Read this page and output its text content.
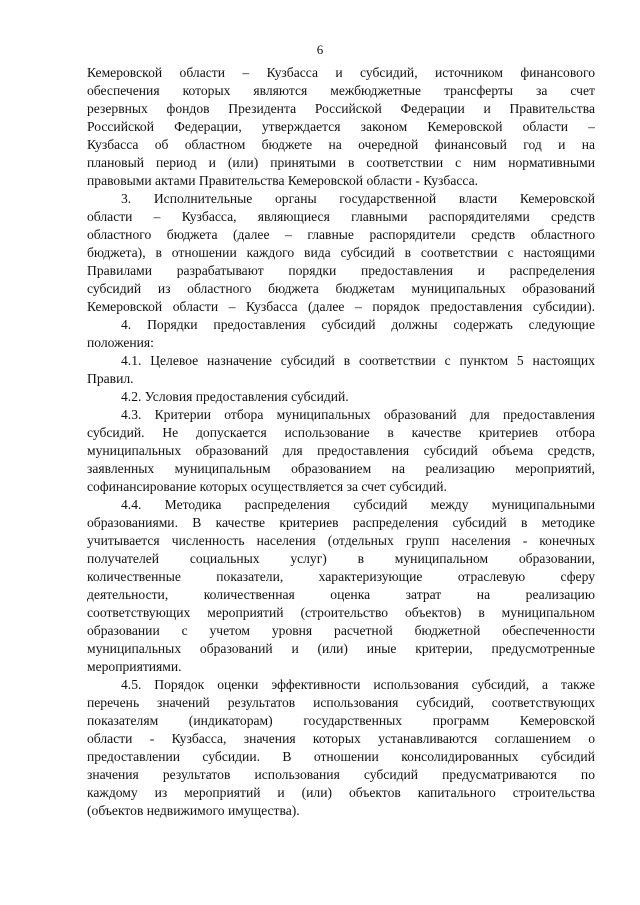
6
Кемеровской области – Кузбасса и субсидий, источником финансового
обеспечения которых являются межбюджетные трансферты за счет
резервных фондов Президента Российской Федерации и Правительства
Российской Федерации, утверждается законом Кемеровской области –
Кузбасса об областном бюджете на очередной финансовый год и на
плановый период и (или) принятыми в соответствии с ним нормативными
правовыми актами Правительства Кемеровской области - Кузбасса.
3. Исполнительные органы государственной власти Кемеровской
области – Кузбасса, являющиеся главными распорядителями средств
областного бюджета (далее – главные распорядители средств областного
бюджета), в отношении каждого вида субсидий в соответствии с настоящими
Правилами разрабатывают порядки предоставления и распределения
субсидий из областного бюджета бюджетам муниципальных образований
Кемеровской области – Кузбасса (далее – порядок предоставления субсидии).
4. Порядки предоставления субсидий должны содержать следующие
положения:
4.1. Целевое назначение субсидий в соответствии с пунктом 5 настоящих
Правил.
4.2. Условия предоставления субсидий.
4.3. Критерии отбора муниципальных образований для предоставления
субсидий. Не допускается использование в качестве критериев отбора
муниципальных образований для предоставления субсидий объема средств,
заявленных муниципальным образованием на реализацию мероприятий,
софинансирование которых осуществляется за счет субсидий.
4.4. Методика распределения субсидий между муниципальными
образованиями. В качестве критериев распределения субсидий в методике
учитывается численность населения (отдельных групп населения - конечных
получателей социальных услуг) в муниципальном образовании,
количественные показатели, характеризующие отраслевую сферу
деятельности, количественная оценка затрат на реализацию
соответствующих мероприятий (строительство объектов) в муниципальном
образовании с учетом уровня расчетной бюджетной обеспеченности
муниципальных образований и (или) иные критерии, предусмотренные
мероприятиями.
4.5. Порядок оценки эффективности использования субсидий, а также
перечень значений результатов использования субсидий, соответствующих
показателям (индикаторам) государственных программ Кемеровской
области - Кузбасса, значения которых устанавливаются соглашением о
предоставлении субсидии. В отношении консолидированных субсидий
значения результатов использования субсидий предусматриваются по
каждому из мероприятий и (или) объектов капитального строительства
(объектов недвижимого имущества).
